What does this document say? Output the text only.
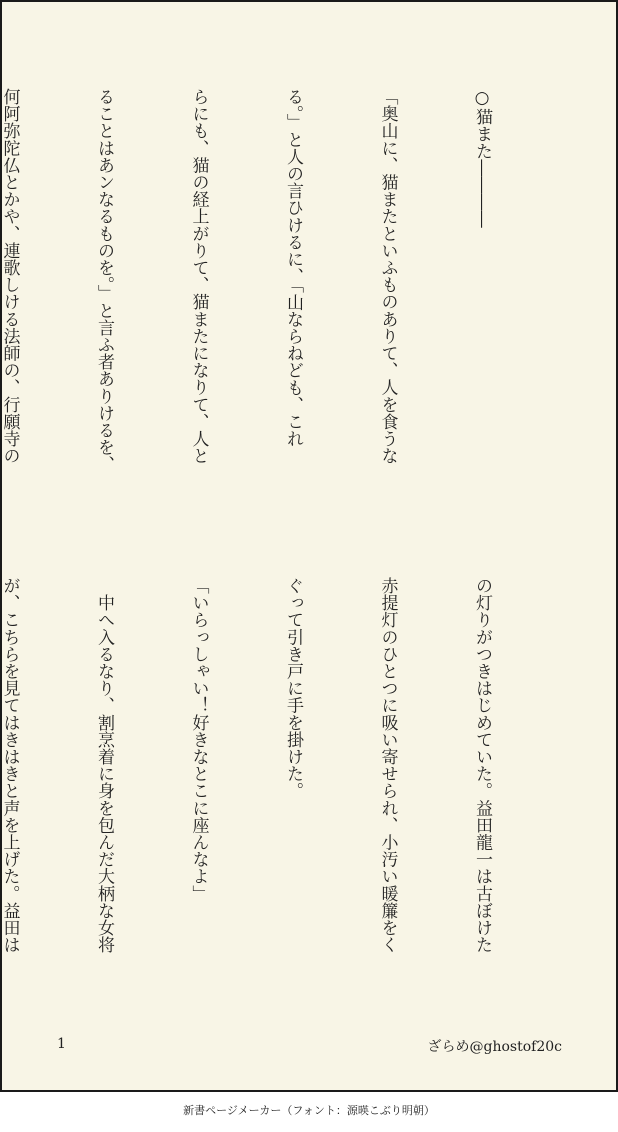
○猫また――――

「奥山に、猫またといふものありて、人を食うな

る。」と人の言ひけるに、「山ならねども、これ

らにも、猫の経上がりて、猫またになりて、人と

ることはあンなるものを。」と言ふ者ありけるを、

何阿弥陀仏とかや、連歌しける法師の、行願寺の

の灯りがつきはじめていた。益田龍一は古ぼけた

赤提灯のひとつに吸い寄せられ、小汚い暖簾をく

ぐって引き戸に手を掛けた。

「いらっしゃい！好きなとこに座んなよ」

　中へ入るなり、割烹着に身を包んだ大柄な女将

が、こちらを見てはきはきと声を上げた。益田は

1	ざらめ@ghostof20c
新書ページメーカー（フォント：源暎こぶり明朝）
